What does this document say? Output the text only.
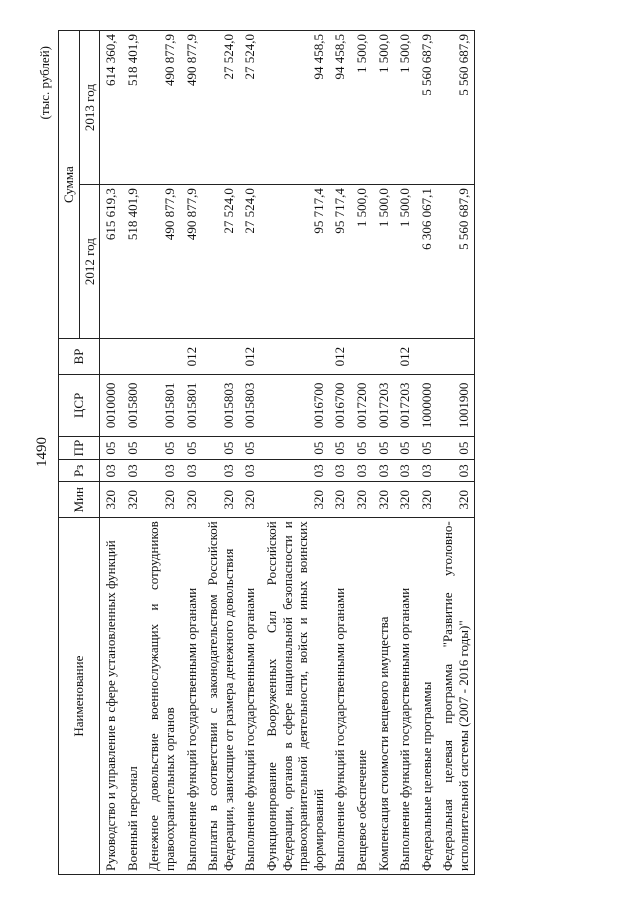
1490
(тыс. рублей)
Наименование	Мин	Рз	ПР	ЦСР	ВР	Сумма	
						2012 год	2013 год
Руководство и управление в сфере установленных функций	320	03	05	0010000		615 619,3	614 360,4
Военный персонал	320	03	05	0015800		518 401,9	518 401,9
Денежное довольствие военнослужащих и сотрудников правоохранительных органов	320	03	05	0015801		490 877,9	490 877,9
Выполнение функций государственными органами	320	03	05	0015801	012	490 877,9	490 877,9
Выплаты в соответствии с законодательством Российской Федерации, зависящие от размера денежного довольствия	320	03	05	0015803		27 524,0	27 524,0
Выполнение функций государственными органами	320	03	05	0015803	012	27 524,0	27 524,0
Функционирование Вооруженных Сил Российской Федерации, органов в сфере национальной безопасности и правоохранительной деятельности, войск и иных воинских формирований	320	03	05	0016700		95 717,4	94 458,5
Выполнение функций государственными органами	320	03	05	0016700	012	95 717,4	94 458,5
Вещевое обеспечение	320	03	05	0017200		1 500,0	1 500,0
Компенсация стоимости вещевого имущества	320	03	05	0017203		1 500,0	1 500,0
Выполнение функций государственными органами	320	03	05	0017203	012	1 500,0	1 500,0
Федеральные целевые программы	320	03	05	1000000		6 306 067,1	5 560 687,9
Федеральная целевая программа "Развитие уголовно-исполнительной системы (2007 - 2016 годы)"	320	03	05	1001900		5 560 687,9	5 560 687,9
